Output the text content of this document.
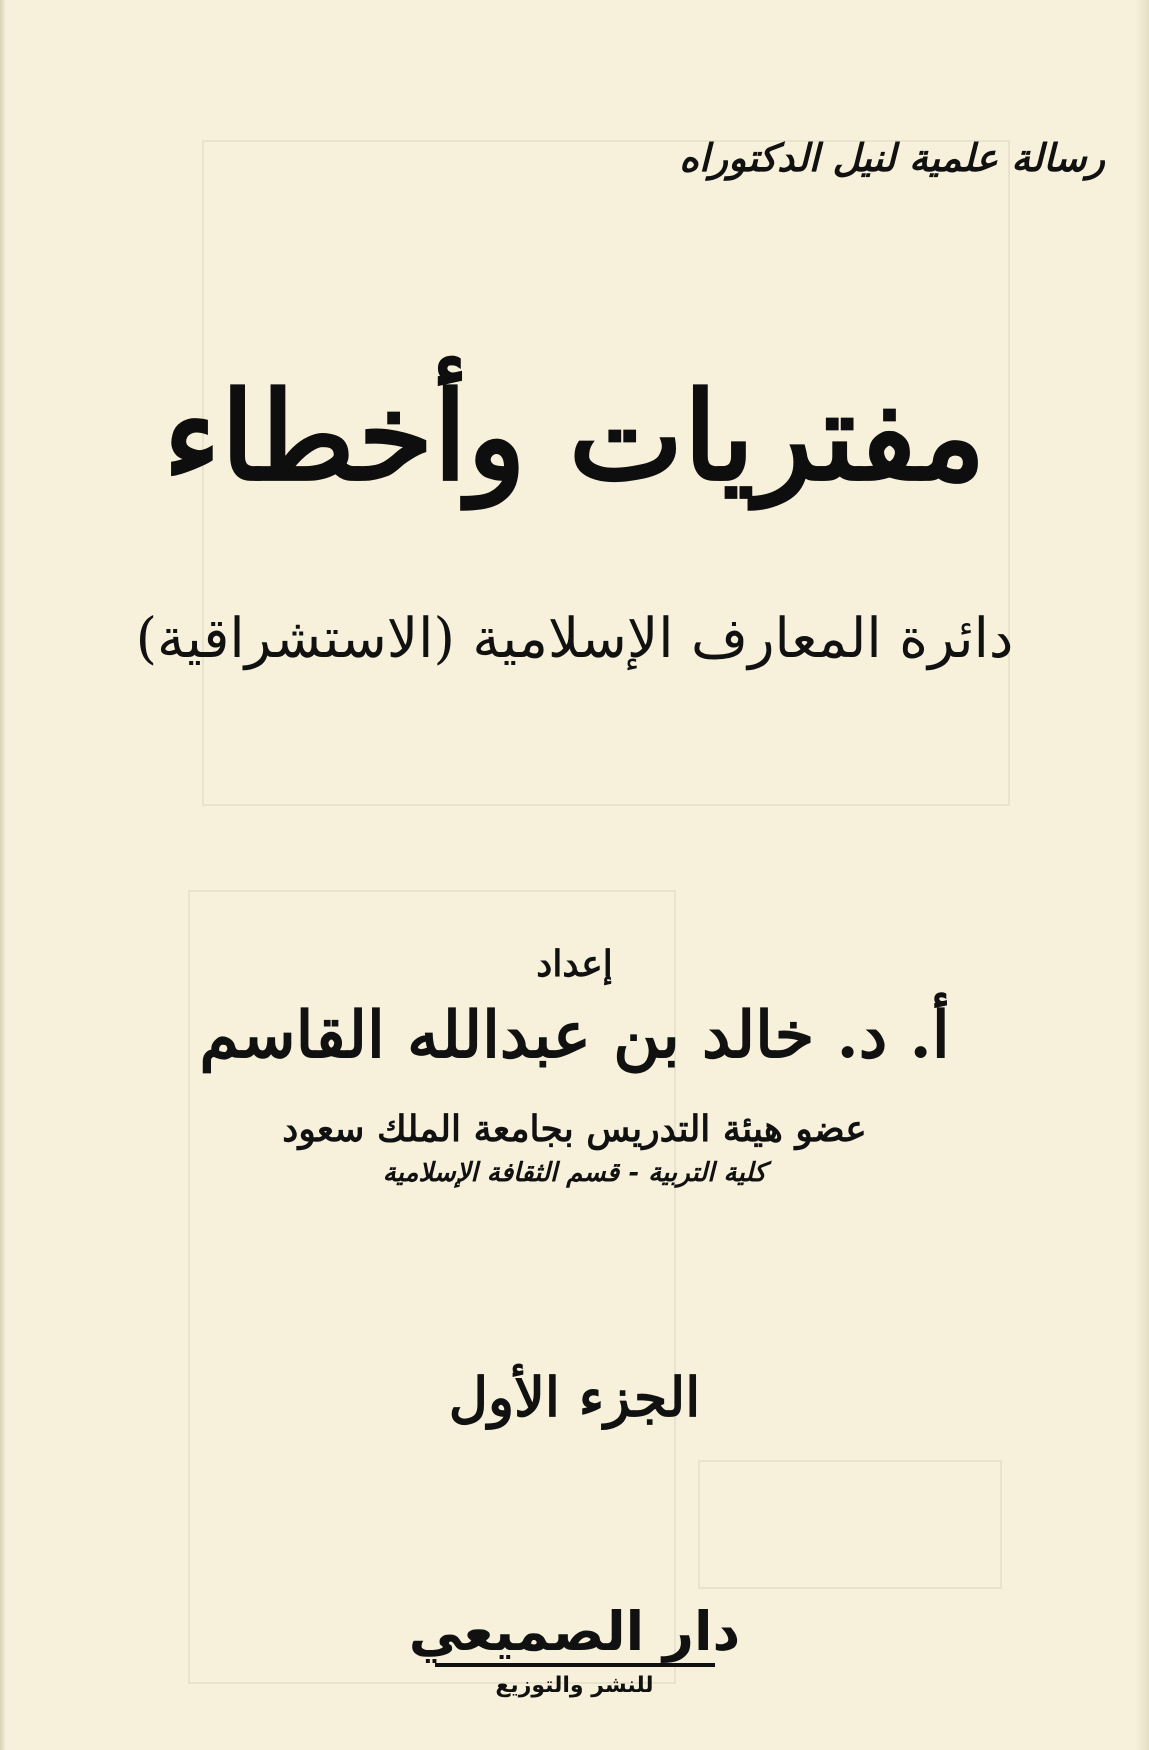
رسالة علمية لنيل الدكتوراه
مفتريات وأخطاء
دائرة المعارف الإسلامية (الاستشراقية)
إعداد
أ. د. خالد بن عبدالله القاسم
عضو هيئة التدريس بجامعة الملك سعود
كلية التربية - قسم الثقافة الإسلامية
الجزء الأول
دار الصميعي
للنشر والتوزيع
